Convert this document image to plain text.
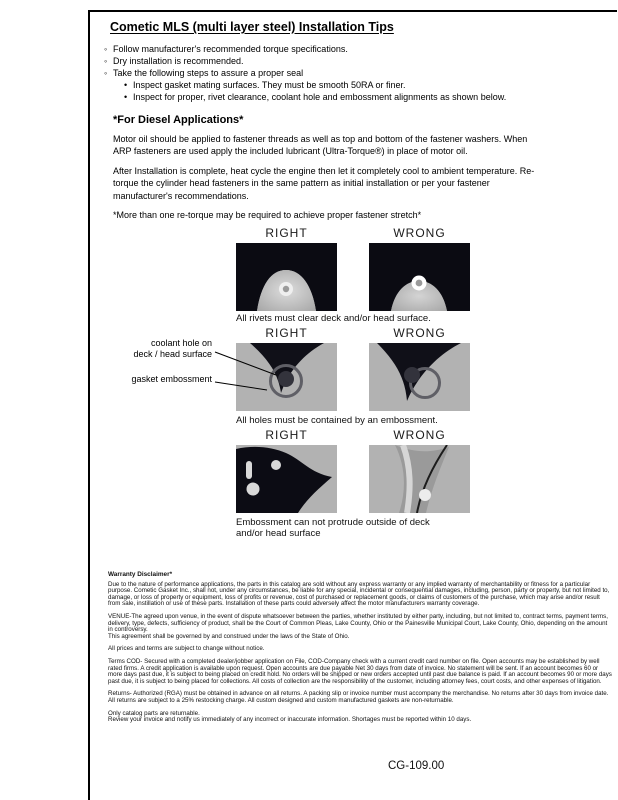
Cometic MLS (multi layer steel) Installation Tips
◦ Follow manufacturer's recommended torque specifications.
◦ Dry installation is recommended.
◦ Take the following steps to assure a proper seal
• Inspect gasket mating surfaces. They must be smooth 50RA or finer.
• Inspect for proper, rivet clearance, coolant hole and embossment alignments as shown below.
*For Diesel Applications*

Motor oil should be applied to fastener threads as well as top and bottom of the fastener washers. When ARP fasteners are used apply the included lubricant (Ultra-Torque®) in place of motor oil.

After Installation is complete, heat cycle the engine then let it completely cool to ambient temperature. Re-torque the cylinder head fasteners in the same pattern as initial installation or per your fastener manufacturer's recommendations.

*More than one re-torque may be required to achieve proper fastener stretch*

RIGHT	WRONG
All rivets must clear deck and/or head surface.
RIGHT	WRONG
coolant hole on
deck / head surface
gasket embossment
All holes must be contained by an embossment.
RIGHT	WRONG
Embossment can not protrude outside of deck
and/or head surface
Warranty Disclaimer*

Due to the nature of performance applications, the parts in this catalog are sold without any express warranty or any implied warranty of merchantability or fitness for a particular purpose. Cometic Gasket Inc., shall not, under any circumstances, be liable for any special, incidental or consequential damages, including, person, party or property, but not limited to, damage, or loss of property or equipment, loss of profits or revenue, cost of purchased or replacement goods, or claims of customers of the purchase, which may arise and/or result from sale, instillation or use of these parts. Installation of these parts could adversely affect the motor manufacturers warranty coverage.

VENUE-The agreed upon venue, in the event of dispute whatsoever between the parties, whether instituted by either party, including, but not limited to, contract terms, payment terms, delivery, type, defects, sufficiency of product, shall be the Court of Common Pleas, Lake County, Ohio or the Painesville Municipal Court, Lake County, Ohio, depending on the amount in controversy.

This agreement shall be governed by and construed under the laws of the State of Ohio.

All prices and terms are subject to change without notice.

Terms COD- Secured with a completed dealer/jobber application on File, COD-Company check with a current credit card number on file. Open accounts may be established by well rated firms. A credit application is available upon request. Open accounts are due payable Net 30 days from date of invoice. No statement will be sent. If an account becomes 60 or more days past due, it is subject to being placed on credit hold. No orders will be shipped or new orders accepted until past due balance is paid. If an account becomes 90 or more days past due, it is subject to being placed for collections. All costs of collection are the responsibility of the customer, including attorney fees, court costs, and other expenses of litigation.

Returns- Authorized (RGA) must be obtained in advance on all returns. A packing slip or invoice number must accompany the merchandise. No returns after 30 days from invoice date. All returns are subject to a 25% restocking charge. All custom designed and custom manufactured gaskets are non-returnable.

Only catalog parts are returnable.

Review your invoice and notify us immediately of any incorrect or inaccurate information. Shortages must be reported within 10 days.

CG-109.00
